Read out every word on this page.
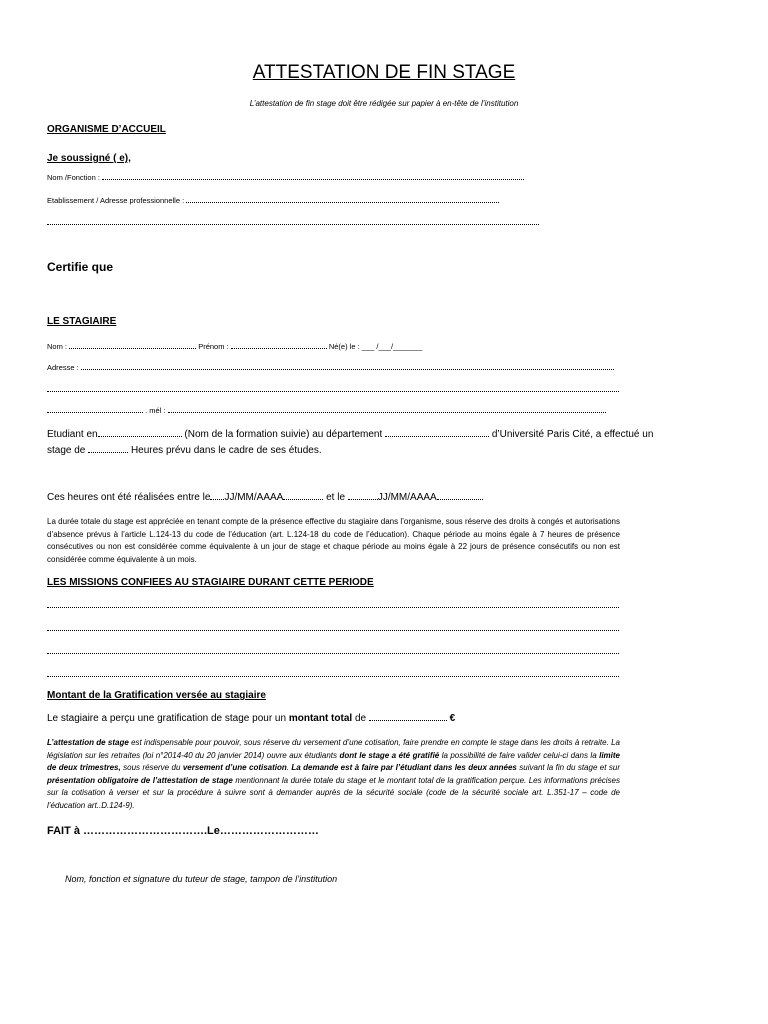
ATTESTATION DE FIN STAGE
L’attestation de fin stage doit être rédigée sur papier à en-tête de l’institution
ORGANISME D’ACCUEIL
Je soussigné ( e),
Nom /Fonction :
Etablissement / Adresse professionnelle :
Certifie que
LE STAGIAIRE
Nom :	Prénom :	Né(e) le : ___ /___/_______
Adresse :
. mél :
Etudiant en	(Nom de la formation suivie) au département	d’Université Paris Cité, a effectué un
stage de	Heures prévu dans le cadre de ses études.
Ces heures ont été réalisées entre le JJ/MM/AAAA	et le	JJ/MM/AAAA
La durée totale du stage est appréciée en tenant compte de la présence effective du stagiaire dans l’organisme, sous réserve des droits à congés et autorisations d’absence prévus à l’article L.124-13 du code de l’éducation (art. L.124-18 du code de l’éducation). Chaque période au moins égale à 7 heures de présence consécutives ou non est considérée comme équivalente à un jour de stage et chaque période au moins égale à 22 jours de présence consécutifs ou non est considérée comme équivalente à un mois.
LES MISSIONS CONFIEES AU STAGIAIRE DURANT CETTE PERIODE
Montant de la Gratification versée au stagiaire
Le stagiaire a perçu une gratification de stage pour un montant total de	€
L’attestation de stage est indispensable pour pouvoir, sous réserve du versement d’une cotisation, faire prendre en compte le stage dans les droits à retraite. La législation sur les retraites (loi n°2014-40 du 20 janvier 2014) ouvre aux étudiants dont le stage a été gratifié la possibilité de faire valider celui-ci dans la limite de deux trimestres, sous réserve du versement d’une cotisation. La demande est à faire par l’étudiant dans les deux années suivant la fin du stage et sur présentation obligatoire de l’attestation de stage mentionnant la durée totale du stage et le montant total de la gratification perçue. Les informations précises sur la cotisation à verser et sur la procédure à suivre sont à demander auprès de la sécurité sociale (code de la sécurité sociale art. L.351-17 – code de l’éducation art..D.124-9).
FAIT à ……………………………. Le………………………
Nom, fonction et signature du tuteur de stage, tampon de l’institution
